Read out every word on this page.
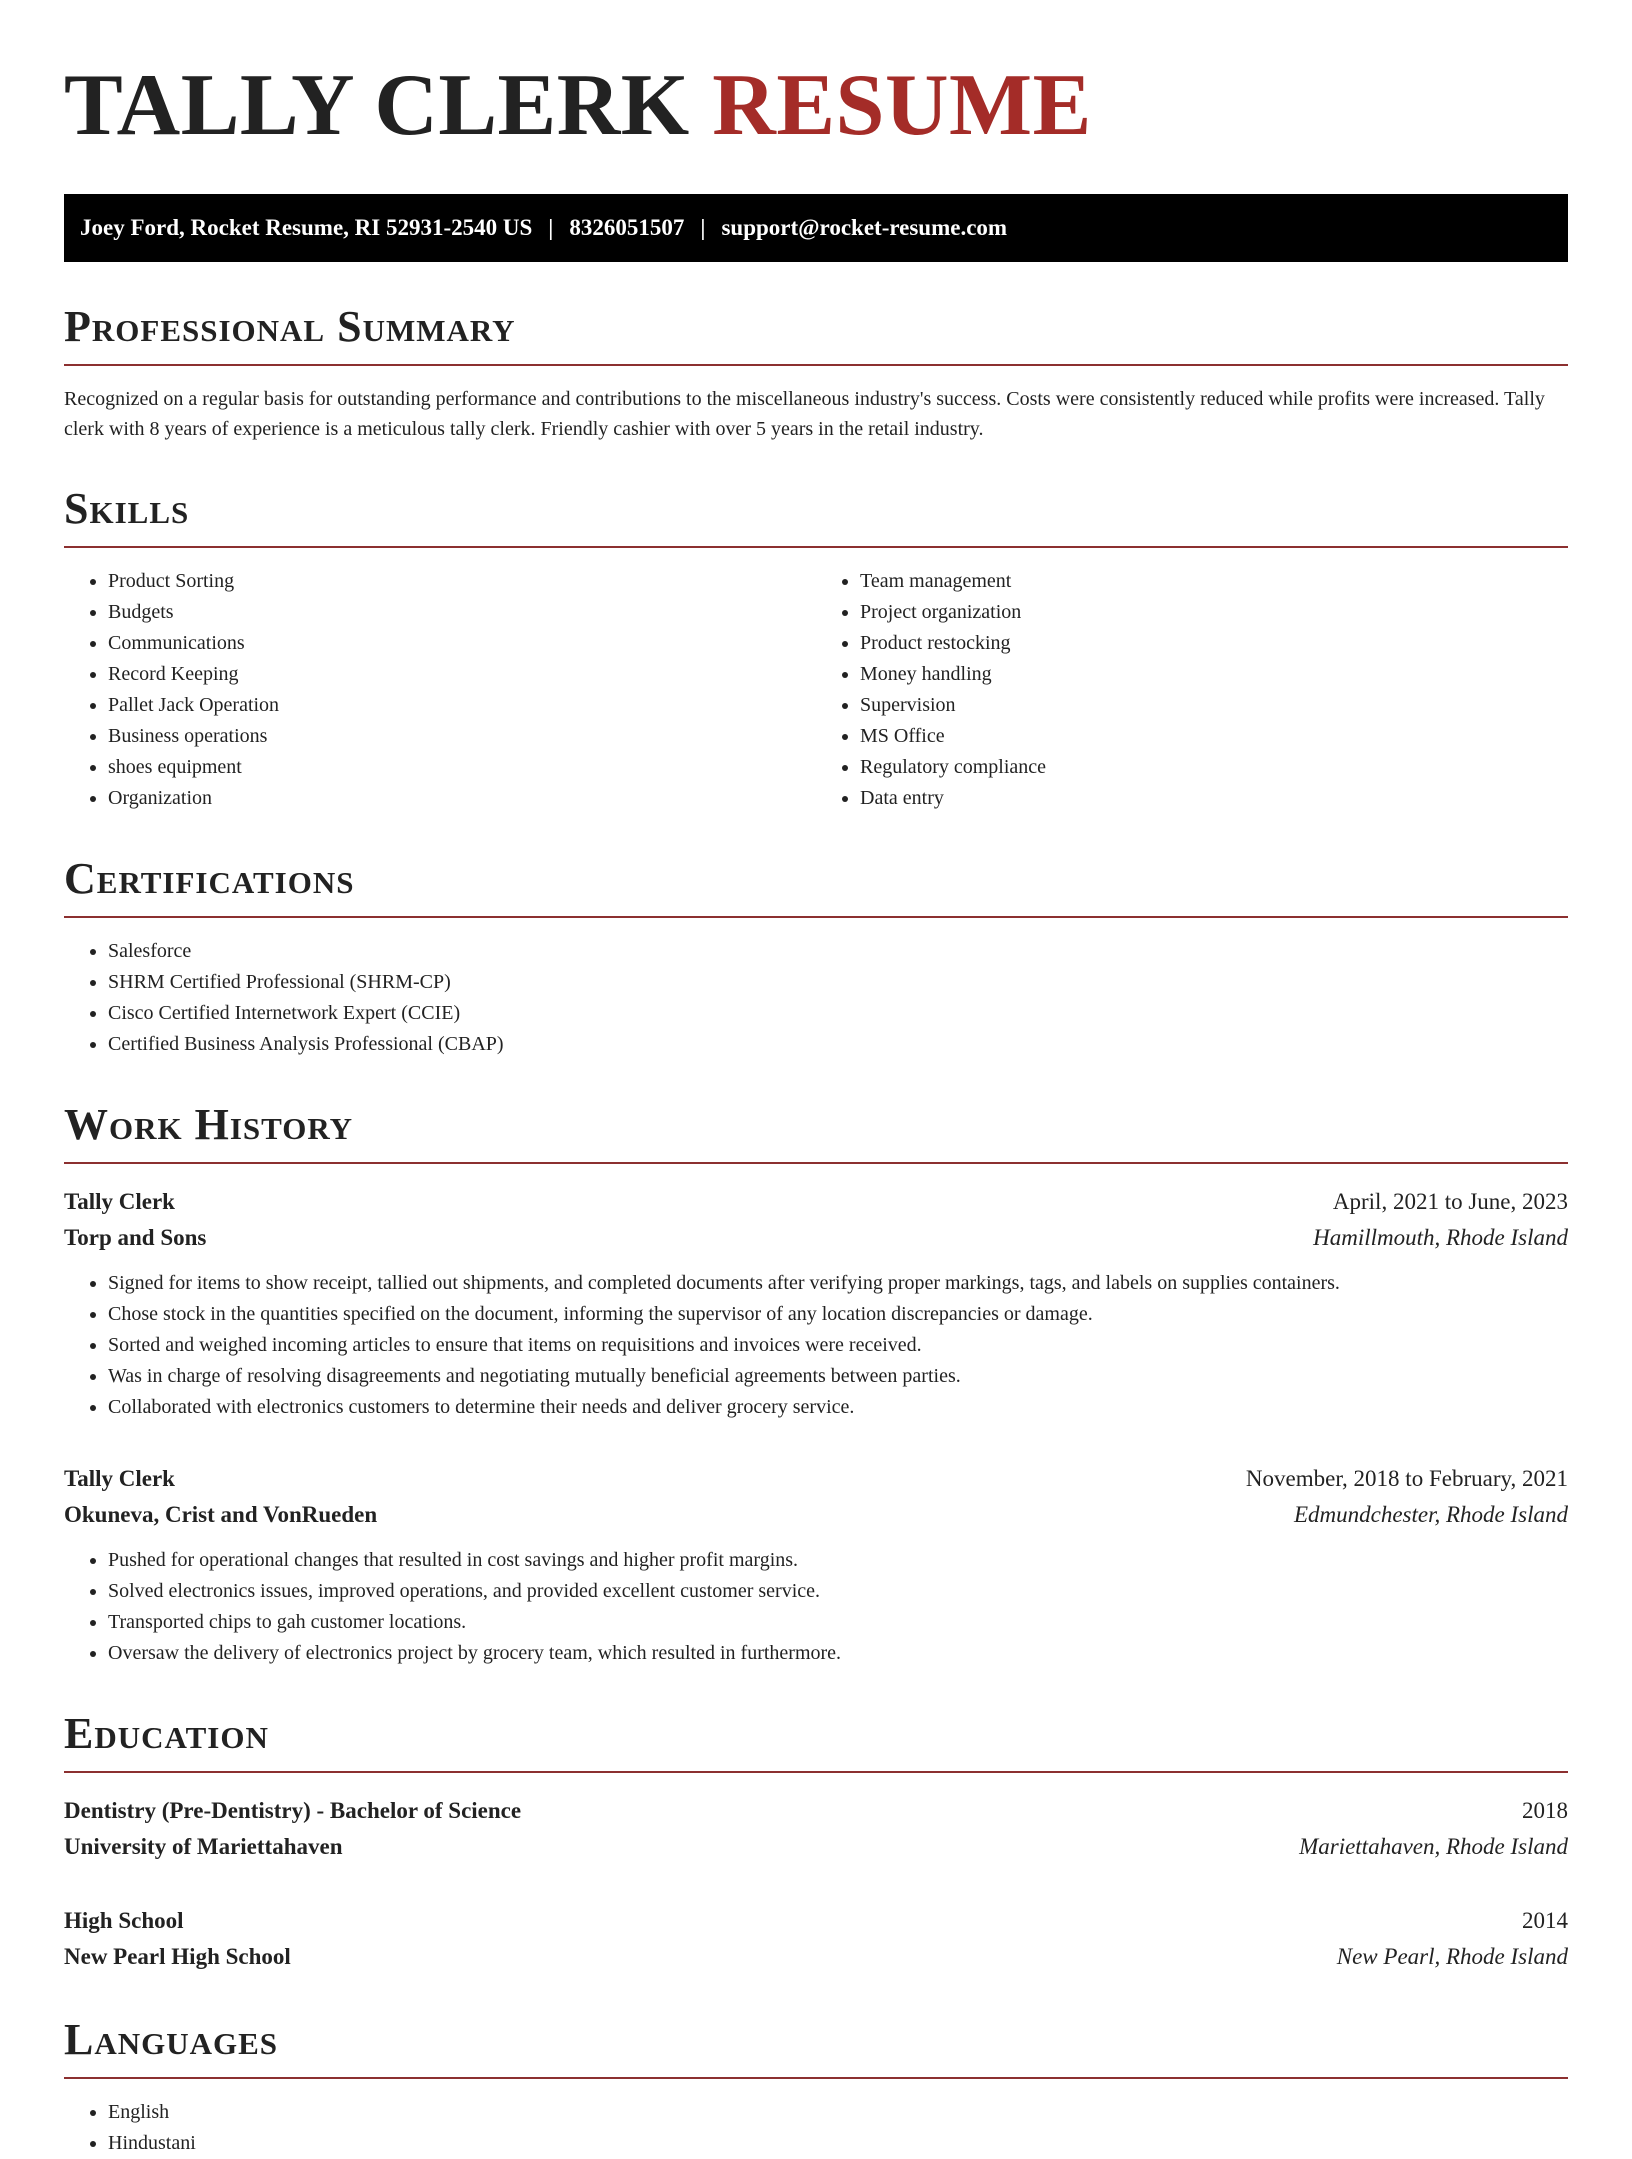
TALLY CLERK RESUME
Joey Ford, Rocket Resume, RI 52931-2540 US | 8326051507 | support@rocket-resume.com
Professional Summary

Recognized on a regular basis for outstanding performance and contributions to the miscellaneous industry's success. Costs were consistently reduced while profits were increased. Tally clerk with 8 years of experience is a meticulous tally clerk. Friendly cashier with over 5 years in the retail industry.

Skills
• Product Sorting
• Budgets
• Communications
• Record Keeping
• Pallet Jack Operation
• Business operations
• shoes equipment
• Organization
• Team management
• Project organization
• Product restocking
• Money handling
• Supervision
• MS Office
• Regulatory compliance
• Data entry
Certifications
• Salesforce
• SHRM Certified Professional (SHRM-CP)
• Cisco Certified Internetwork Expert (CCIE)
• Certified Business Analysis Professional (CBAP)
Work History
Tally Clerk	April, 2021 to June, 2023
Torp and Sons	Hamillmouth, Rhode Island
• Signed for items to show receipt, tallied out shipments, and completed documents after verifying proper markings, tags, and labels on supplies containers.
• Chose stock in the quantities specified on the document, informing the supervisor of any location discrepancies or damage.
• Sorted and weighed incoming articles to ensure that items on requisitions and invoices were received.
• Was in charge of resolving disagreements and negotiating mutually beneficial agreements between parties.
• Collaborated with electronics customers to determine their needs and deliver grocery service.
Tally Clerk	November, 2018 to February, 2021
Okuneva, Crist and VonRueden	Edmundchester, Rhode Island
• Pushed for operational changes that resulted in cost savings and higher profit margins.
• Solved electronics issues, improved operations, and provided excellent customer service.
• Transported chips to gah customer locations.
• Oversaw the delivery of electronics project by grocery team, which resulted in furthermore.
Education
Dentistry (Pre-Dentistry) - Bachelor of Science	2018
University of Mariettahaven	Mariettahaven, Rhode Island
High School	2014
New Pearl High School	New Pearl, Rhode Island
Languages
• English
• Hindustani
